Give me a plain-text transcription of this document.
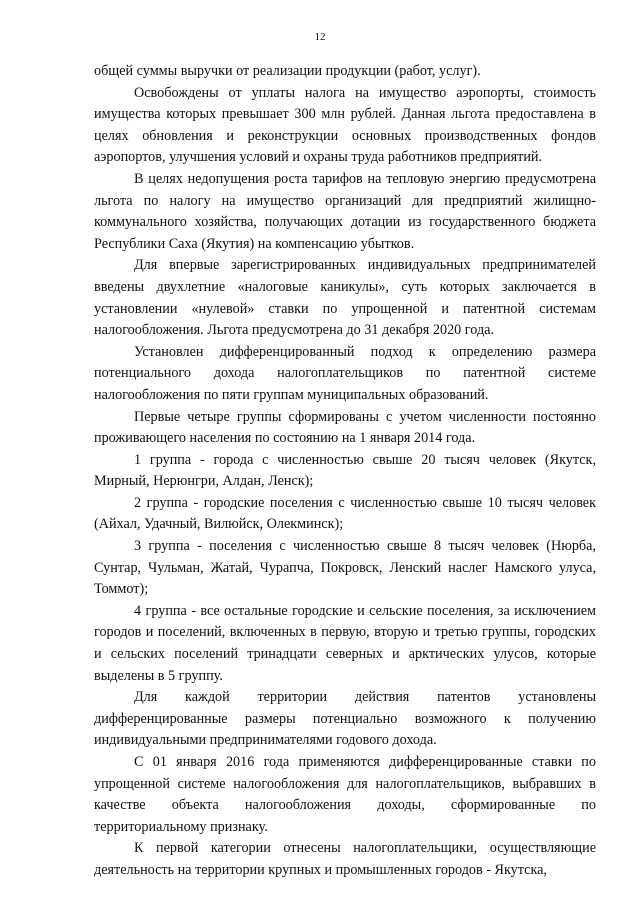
12

общей суммы выручки от реализации продукции (работ, услуг).

Освобождены от уплаты налога на имущество аэропорты, стоимость имущества которых превышает 300 млн рублей. Данная льгота предоставлена в целях обновления и реконструкции основных производственных фондов аэропортов, улучшения условий и охраны труда работников предприятий.

В целях недопущения роста тарифов на тепловую энергию предусмотрена льгота по налогу на имущество организаций для предприятий жилищно-коммунального хозяйства, получающих дотации из государственного бюджета Республики Саха (Якутия) на компенсацию убытков.

Для впервые зарегистрированных индивидуальных предпринимателей введены двухлетние «налоговые каникулы», суть которых заключается в установлении «нулевой» ставки по упрощенной и патентной системам налогообложения. Льгота предусмотрена до 31 декабря 2020 года.

Установлен дифференцированный подход к определению размера потенциального дохода налогоплательщиков по патентной системе налогообложения по пяти группам муниципальных образований.

Первые четыре группы сформированы с учетом численности постоянно проживающего населения по состоянию на 1 января 2014 года.

1 группа - города с численностью свыше 20 тысяч человек (Якутск, Мирный, Нерюнгри, Алдан, Ленск);

2 группа - городские поселения с численностью свыше 10 тысяч человек (Айхал, Удачный, Вилюйск, Олекминск);

3 группа - поселения с численностью свыше 8 тысяч человек (Нюрба, Сунтар, Чульман, Жатай, Чурапча, Покровск, Ленский наслег Намского улуса, Томмот);

4 группа - все остальные городские и сельские поселения, за исключением городов и поселений, включенных в первую, вторую и третью группы, городских и сельских поселений тринадцати северных и арктических улусов, которые выделены в 5 группу.

Для каждой территории действия патентов установлены дифференцированные размеры потенциально возможного к получению индивидуальными предпринимателями годового дохода.

С 01 января 2016 года применяются дифференцированные ставки по упрощенной системе налогообложения для налогоплательщиков, выбравших в качестве объекта налогообложения доходы, сформированные по территориальному признаку.

К первой категории отнесены налогоплательщики, осуществляющие деятельность на территории крупных и промышленных городов - Якутска,
